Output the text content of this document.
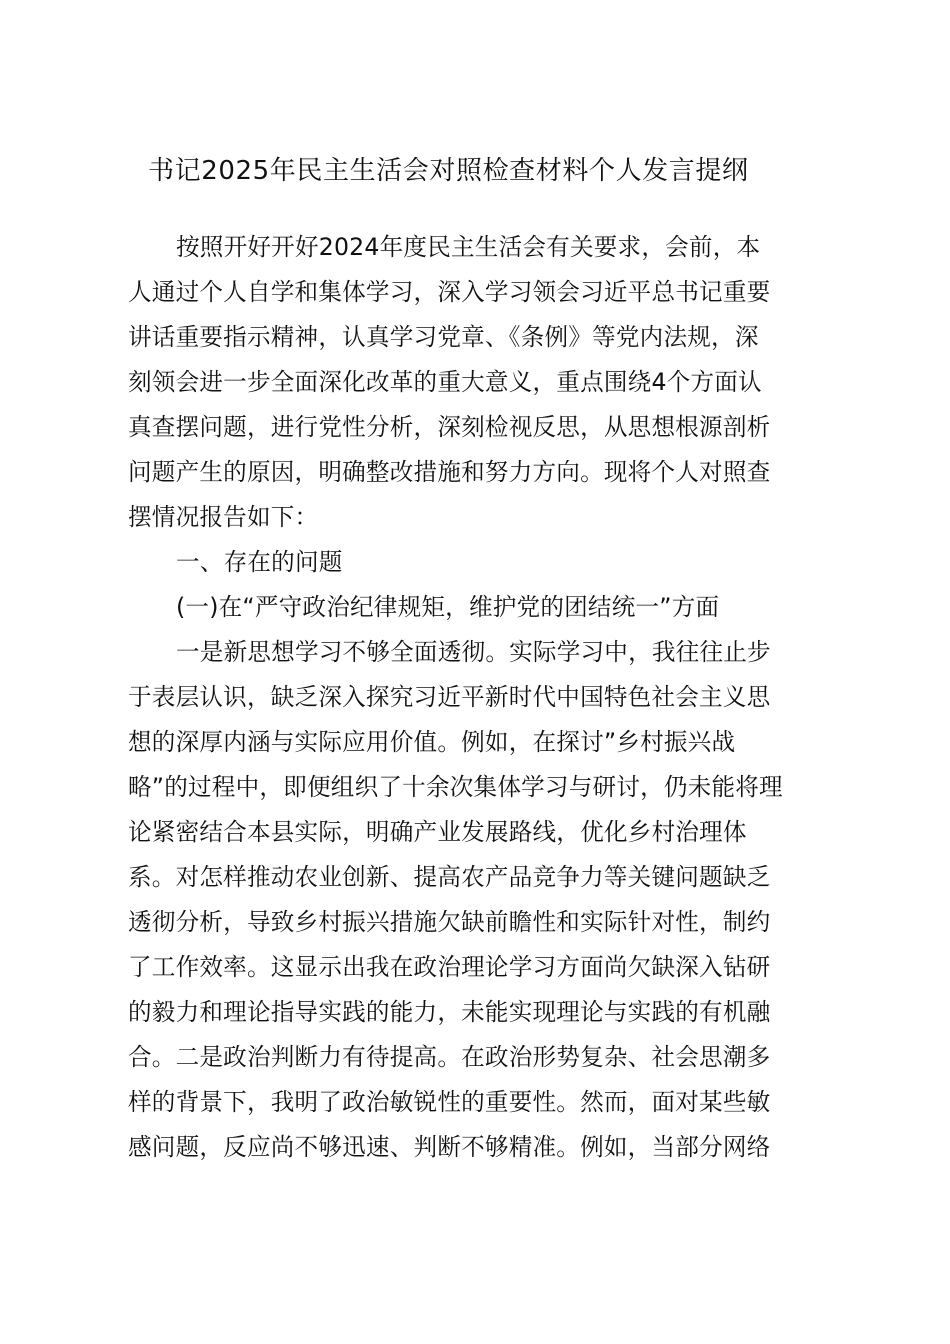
书记2025年民主生活会对照检查材料个人发言提纲
按照开好开好2024年度民主生活会有关要求，会前，本
人通过个人自学和集体学习，深入学习领会习近平总书记重要
讲话重要指示精神，认真学习党章、《条例》等党内法规，深
刻领会进一步全面深化改革的重大意义，重点围绕4个方面认
真查摆问题，进行党性分析，深刻检视反思，从思想根源剖析
问题产生的原因，明确整改措施和努力方向。现将个人对照查
摆情况报告如下：
一、存在的问题
(一)在“严守政治纪律规矩，维护党的团结统一”方面
一是新思想学习不够全面透彻。实际学习中，我往往止步
于表层认识，缺乏深入探究习近平新时代中国特色社会主义思
想的深厚内涵与实际应用价值。例如，在探讨”乡村振兴战
略”的过程中，即便组织了十余次集体学习与研讨，仍未能将理
论紧密结合本县实际，明确产业发展路线，优化乡村治理体
系。对怎样推动农业创新、提高农产品竞争力等关键问题缺乏
透彻分析，导致乡村振兴措施欠缺前瞻性和实际针对性，制约
了工作效率。这显示出我在政治理论学习方面尚欠缺深入钻研
的毅力和理论指导实践的能力，未能实现理论与实践的有机融
合。二是政治判断力有待提高。在政治形势复杂、社会思潮多
样的背景下，我明了政治敏锐性的重要性。然而，面对某些敏
感问题，反应尚不够迅速、判断不够精准。例如，当部分网络
